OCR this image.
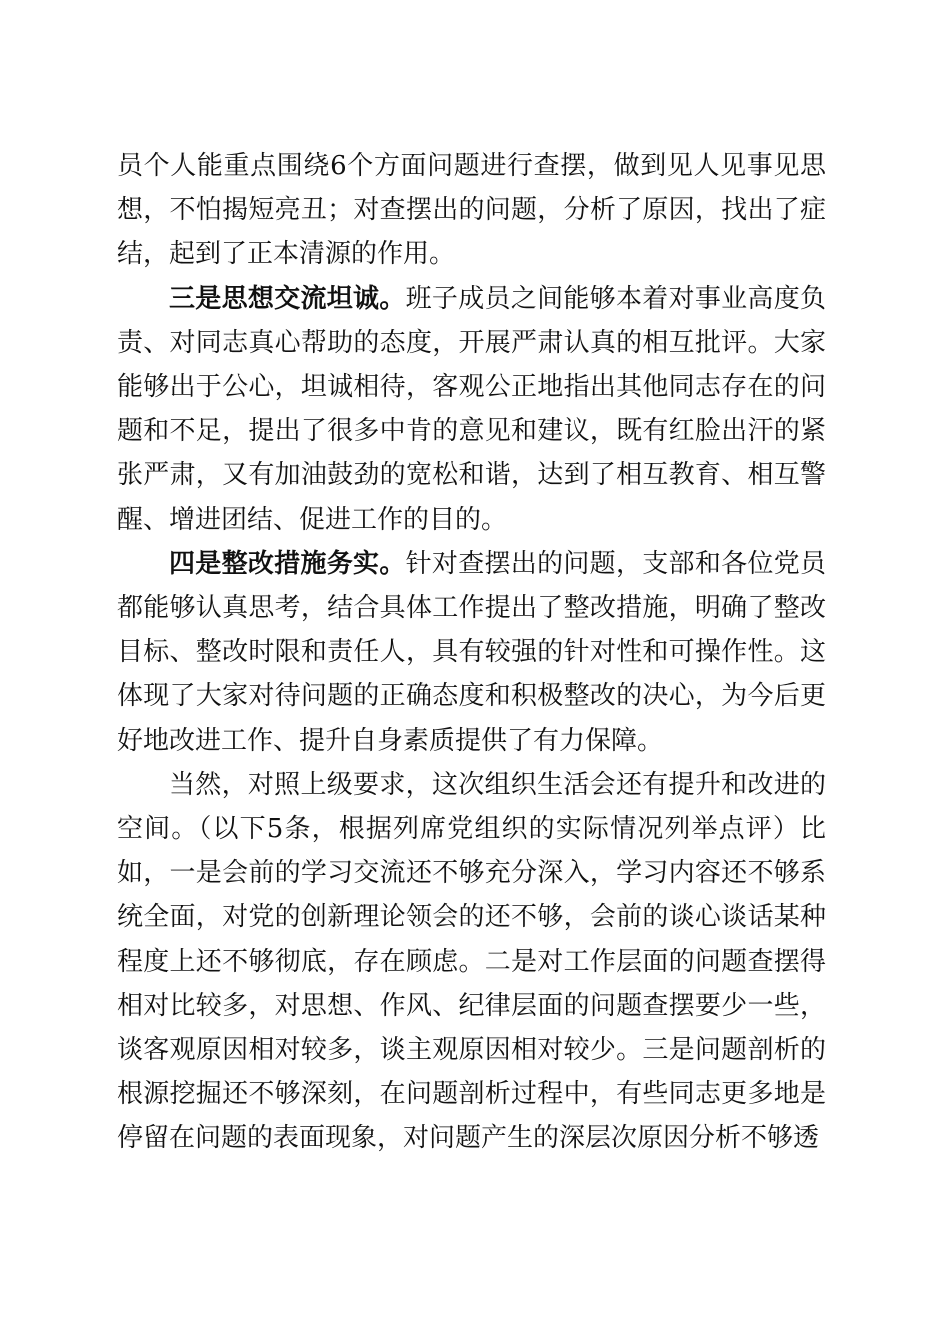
员个人能重点围绕6个方面问题进行查摆，做到见人见事见思想，不怕揭短亮丑；对查摆出的问题，分析了原因，找出了症结，起到了正本清源的作用。

三是思想交流坦诚。班子成员之间能够本着对事业高度负责、对同志真心帮助的态度，开展严肃认真的相互批评。大家能够出于公心，坦诚相待，客观公正地指出其他同志存在的问题和不足，提出了很多中肯的意见和建议，既有红脸出汗的紧张严肃，又有加油鼓劲的宽松和谐，达到了相互教育、相互警醒、增进团结、促进工作的目的。

四是整改措施务实。针对查摆出的问题，支部和各位党员都能够认真思考，结合具体工作提出了整改措施，明确了整改目标、整改时限和责任人，具有较强的针对性和可操作性。这体现了大家对待问题的正确态度和积极整改的决心，为今后更好地改进工作、提升自身素质提供了有力保障。

当然，对照上级要求，这次组织生活会还有提升和改进的空间。（以下5条，根据列席党组织的实际情况列举点评）比如，一是会前的学习交流还不够充分深入，学习内容还不够系统全面，对党的创新理论领会的还不够，会前的谈心谈话某种程度上还不够彻底，存在顾虑。二是对工作层面的问题查摆得相对比较多，对思想、作风、纪律层面的问题查摆要少一些，谈客观原因相对较多，谈主观原因相对较少。三是问题剖析的根源挖掘还不够深刻，在问题剖析过程中，有些同志更多地是停留在问题的表面现象，对问题产生的深层次原因分析不够透
